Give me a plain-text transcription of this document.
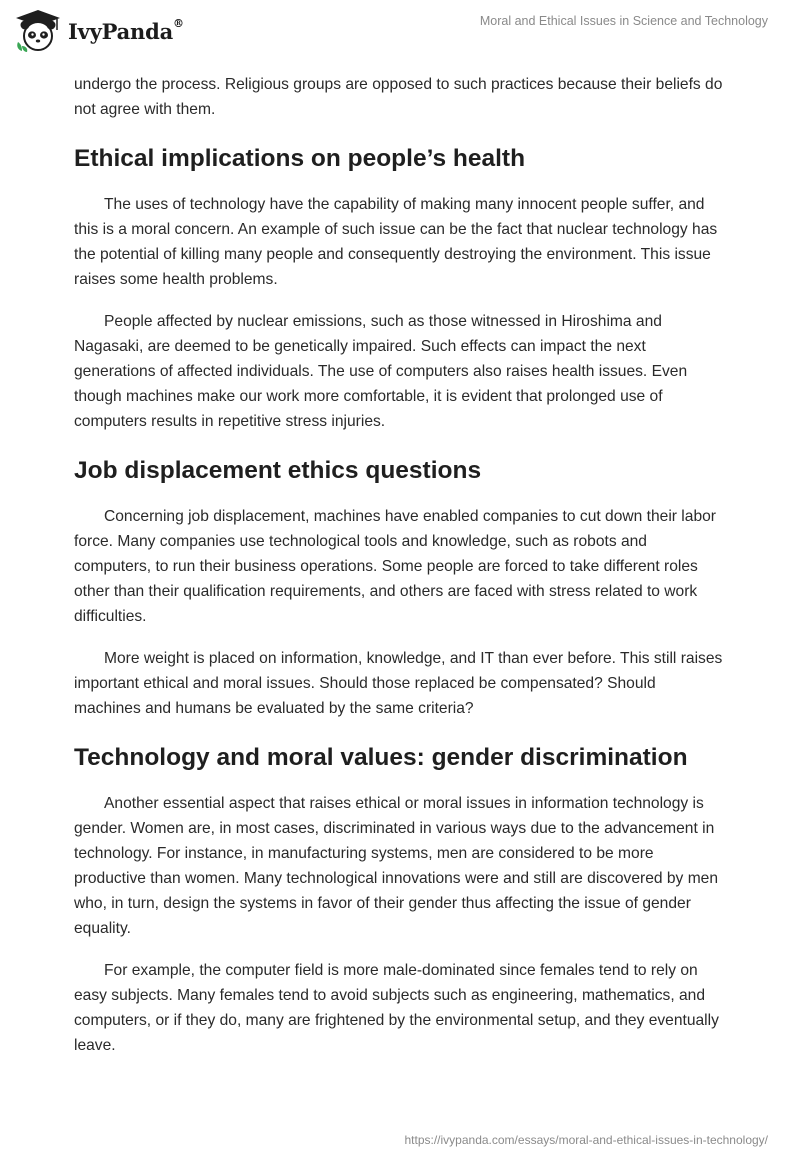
IvyPanda®	Moral and Ethical Issues in Science and Technology

undergo the process. Religious groups are opposed to such practices because their beliefs do not agree with them.

Ethical implications on people’s health

The uses of technology have the capability of making many innocent people suffer, and this is a moral concern. An example of such issue can be the fact that nuclear technology has the potential of killing many people and consequently destroying the environment. This issue raises some health problems.

People affected by nuclear emissions, such as those witnessed in Hiroshima and Nagasaki, are deemed to be genetically impaired. Such effects can impact the next generations of affected individuals. The use of computers also raises health issues. Even though machines make our work more comfortable, it is evident that prolonged use of computers results in repetitive stress injuries.

Job displacement ethics questions

Concerning job displacement, machines have enabled companies to cut down their labor force. Many companies use technological tools and knowledge, such as robots and computers, to run their business operations. Some people are forced to take different roles other than their qualification requirements, and others are faced with stress related to work difficulties.

More weight is placed on information, knowledge, and IT than ever before. This still raises important ethical and moral issues. Should those replaced be compensated? Should machines and humans be evaluated by the same criteria?

Technology and moral values: gender discrimination

Another essential aspect that raises ethical or moral issues in information technology is gender. Women are, in most cases, discriminated in various ways due to the advancement in technology. For instance, in manufacturing systems, men are considered to be more productive than women. Many technological innovations were and still are discovered by men who, in turn, design the systems in favor of their gender thus affecting the issue of gender equality.

For example, the computer field is more male-dominated since females tend to rely on easy subjects. Many females tend to avoid subjects such as engineering, mathematics, and computers, or if they do, many are frightened by the environmental setup, and they eventually leave.

https://ivypanda.com/essays/moral-and-ethical-issues-in-technology/
